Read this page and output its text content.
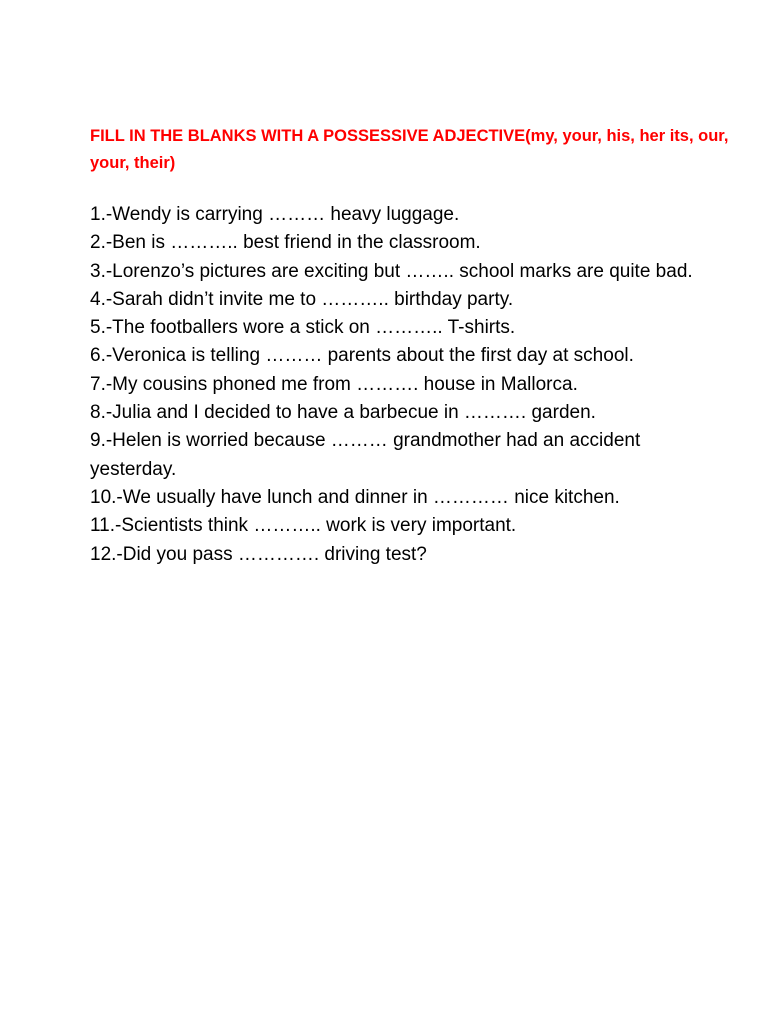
FILL IN THE BLANKS WITH A POSSESSIVE ADJECTIVE(my, your, his, her its, our, your, their)
1.-Wendy is carrying ……… heavy luggage.
2.-Ben is ……….. best friend in the classroom.
3.-Lorenzo’s pictures are exciting but …….. school marks are quite bad.
4.-Sarah didn’t invite me to ……….. birthday party.
5.-The footballers wore a stick on ……….. T-shirts.
6.-Veronica is telling ……… parents about the first day at school.
7.-My cousins phoned me from ………. house in Mallorca.
8.-Julia and I decided to have a barbecue in ………. garden.
9.-Helen is worried because ……… grandmother had an accident yesterday.
10.-We usually have lunch and dinner in ………… nice kitchen.
11.-Scientists think ……….. work is very important.
12.-Did you pass …………. driving test?
